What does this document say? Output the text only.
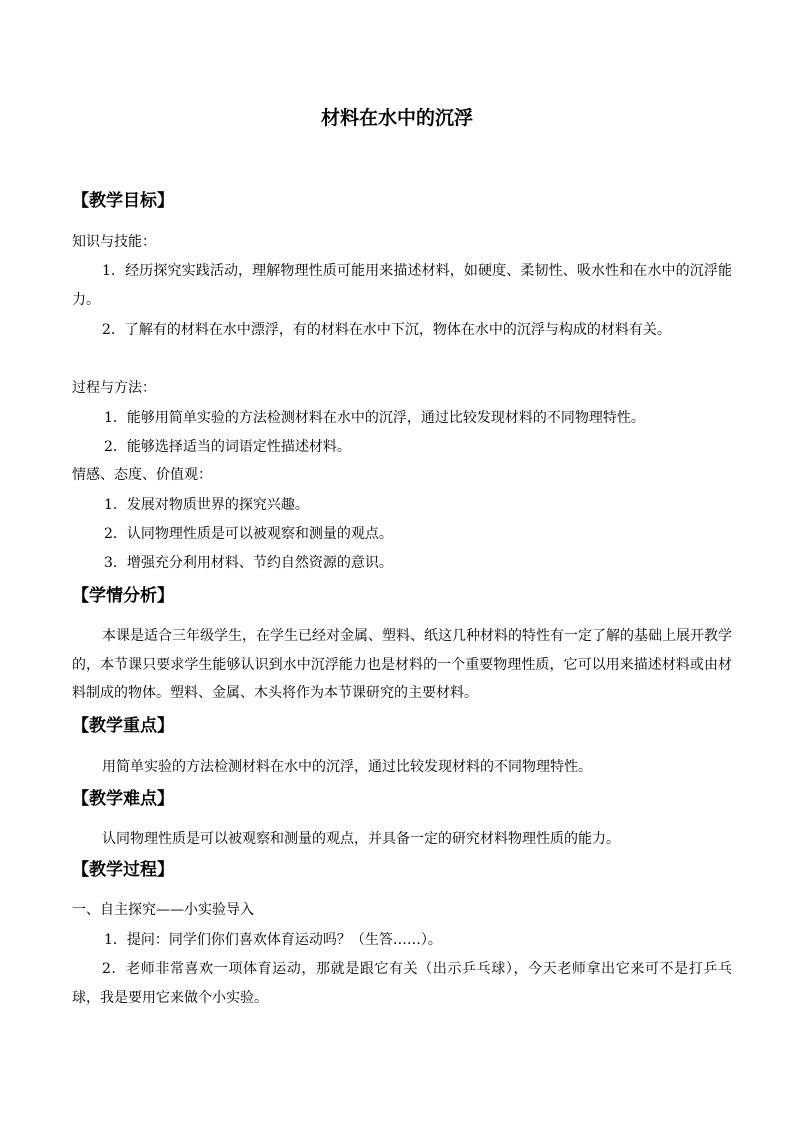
材料在水中的沉浮
【教学目标】
知识与技能：
1．经历探究实践活动，理解物理性质可能用来描述材料，如硬度、柔韧性、吸水性和在水中的沉浮能力。
2．了解有的材料在水中漂浮，有的材料在水中下沉，物体在水中的沉浮与构成的材料有关。
过程与方法：
1．能够用简单实验的方法检测材料在水中的沉浮，通过比较发现材料的不同物理特性。
2．能够选择适当的词语定性描述材料。
情感、态度、价值观：
1．发展对物质世界的探究兴趣。
2．认同物理性质是可以被观察和测量的观点。
3．增强充分利用材料、节约自然资源的意识。
【学情分析】
本课是适合三年级学生，在学生已经对金属、塑料、纸这几种材料的特性有一定了解的基础上展开教学的，本节课只要求学生能够认识到水中沉浮能力也是材料的一个重要物理性质，它可以用来描述材料或由材料制成的物体。塑料、金属、木头将作为本节课研究的主要材料。
【教学重点】
用简单实验的方法检测材料在水中的沉浮，通过比较发现材料的不同物理特性。
【教学难点】
认同物理性质是可以被观察和测量的观点，并具备一定的研究材料物理性质的能力。
【教学过程】
一、自主探究——小实验导入
1．提问：同学们你们喜欢体育运动吗？（生答……）。
2．老师非常喜欢一项体育运动，那就是跟它有关（出示乒乓球），今天老师拿出它来可不是打乒乓球，我是要用它来做个小实验。
